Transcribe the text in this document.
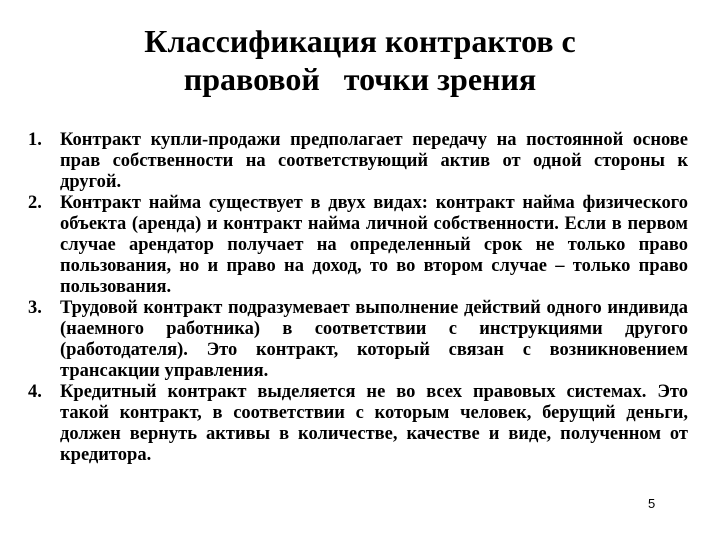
Классификация контрактов с
правовой   точки зрения
1. Контракт купли-продажи предполагает передачу на постоянной основе прав собственности на соответствующий актив от одной стороны к другой.
2. Контракт найма существует в двух видах: контракт найма физического объекта (аренда) и контракт найма личной собственности. Если в первом случае арендатор получает на определенный срок не только право пользования, но и право на доход, то во втором случае – только право пользования.
3. Трудовой контракт подразумевает выполнение действий одного индивида (наемного работника) в соответствии с инструкциями другого (работодателя). Это контракт, который связан с возникновением трансакции управления.
4. Кредитный контракт выделяется не во всех правовых системах. Это такой контракт, в соответствии с которым человек, берущий деньги, должен вернуть активы в количестве, качестве и виде, полученном от кредитора.
5
